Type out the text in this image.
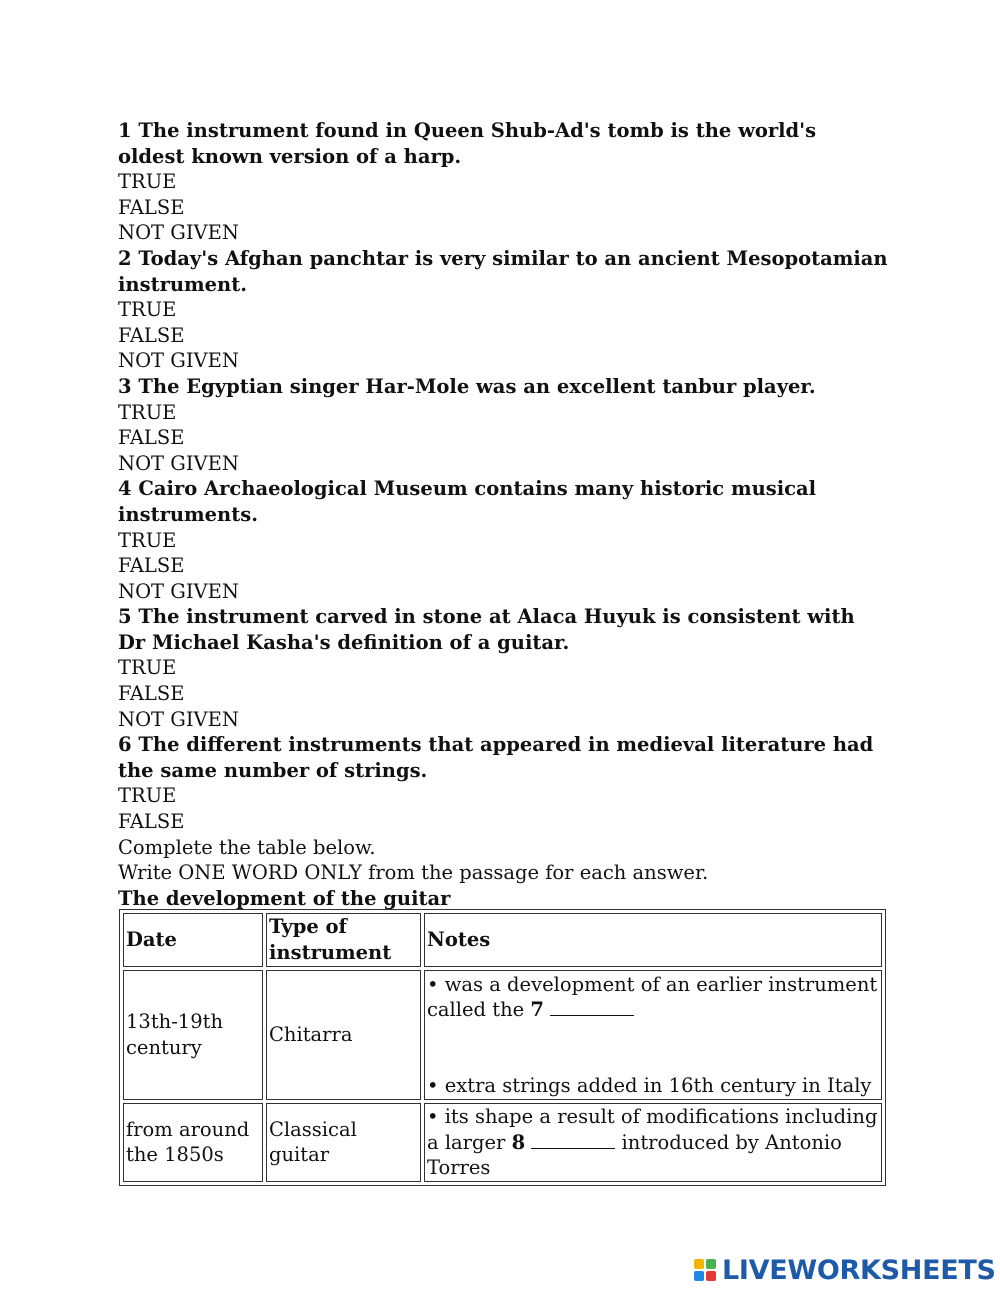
1 The instrument found in Queen Shub-Ad's tomb is the world's oldest known version of a harp.
TRUE
FALSE
NOT GIVEN
2 Today's Afghan panchtar is very similar to an ancient Mesopotamian instrument.
TRUE
FALSE
NOT GIVEN
3 The Egyptian singer Har-Mole was an excellent tanbur player.
TRUE
FALSE
NOT GIVEN
4 Cairo Archaeological Museum contains many historic musical instruments.
TRUE
FALSE
NOT GIVEN
5 The instrument carved in stone at Alaca Huyuk is consistent with Dr Michael Kasha's definition of a guitar.
TRUE
FALSE
NOT GIVEN
6 The different instruments that appeared in medieval literature had the same number of strings.
TRUE
FALSE
Complete the table below.
Write ONE WORD ONLY from the passage for each answer.
The development of the guitar
Date	Type of instrument	Notes
13th-19th century	Chitarra	• was a development of an earlier instrument called the 7
• extra strings added in 16th century in Italy

from around the 1850s	Classical guitar	• its shape a result of modifications including a larger 8 introduced by Antonio Torres
LIVEWORKSHEETS
